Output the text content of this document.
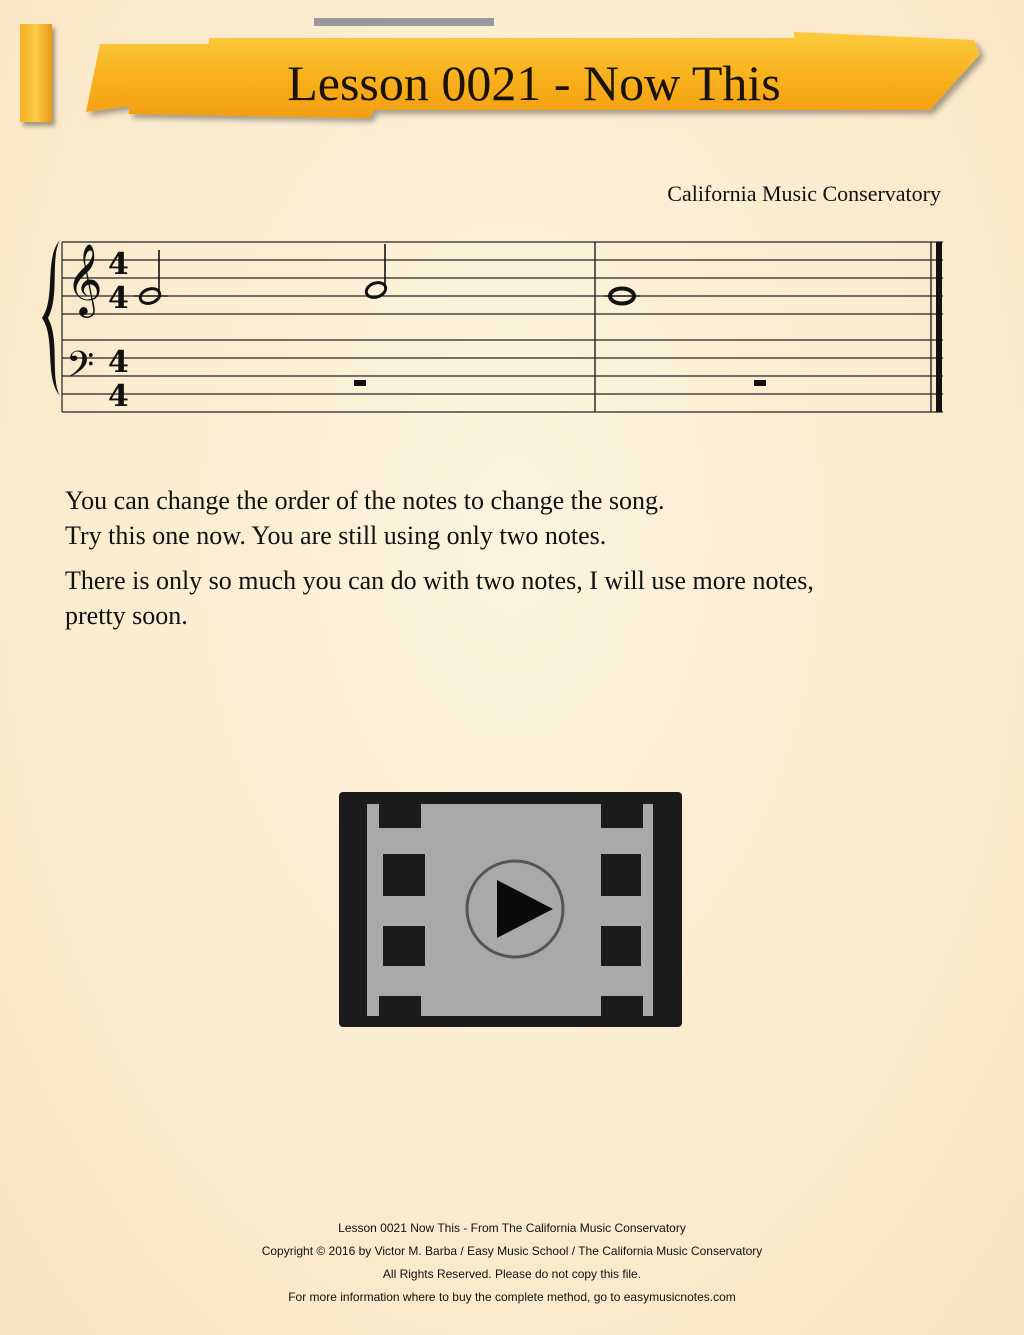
Lesson 0021 - Now This
California Music Conservatory
𝄞
𝄢
4
4
4
4

You can change the order of the notes to change the song.

Try this one now. You are still using only two notes.

There is only so much you can do with two notes, I will use more notes,

pretty soon.

Lesson 0021 Now This - From The California Music Conservatory
Copyright © 2016 by Victor M. Barba / Easy Music School / The California Music Conservatory
All Rights Reserved. Please do not copy this file.
For more information where to buy the complete method, go to easymusicnotes.com
